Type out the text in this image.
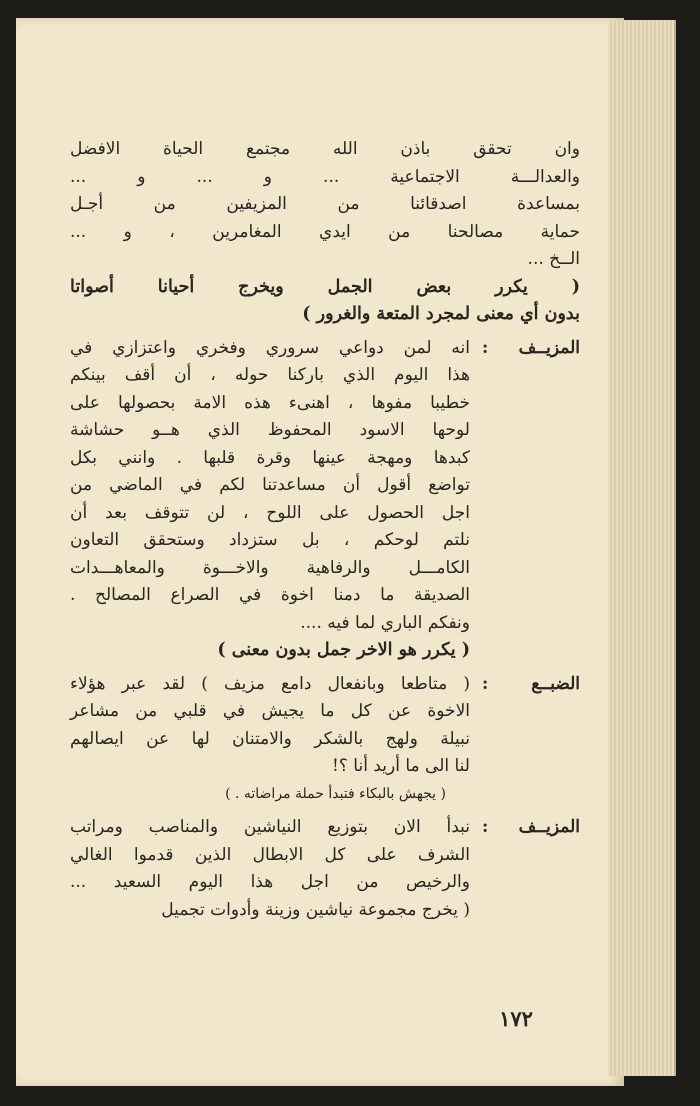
وان تحقق باذن الله مجتمع الحياة الافضل
والعدالـــة الاجتماعية ... و ... و ...
بمساعدة اصدقائنا من المزيفين من أجـل
حماية مصالحنا من ايدي المغامرين ، و ...
الــخ ...
( يكرر بعض الجمل ويخرج أحيانا أصواتا
بدون أي معنى لمجرد المتعة والغرور )
المزيــف
:
انه لمن دواعي سروري وفخري واعتزازي في
هذا اليوم الذي باركنا حوله ، أن أقف بينكم
خطيبا مفوها ، اهنىء هذه الامة بحصولها على
لوحها الاسود المحفوظ الذي هــو حشاشة
كبدها ومهجة عينها وقرة قلبها . وانني بكل
تواضع أقول أن مساعدتنا لكم في الماضي من
اجل الحصول على اللوح ، لن تتوقف بعد أن
نلتم لوحكم ، بل ستزداد وستحقق التعاون
الكامـــل والرفاهية والاخـــوة والمعاهـــدات
الصديقة ما دمنا اخوة في الصراع المصالح .
ونفكم الباري لما فيه ....
( يكرر هو الاخر جمل بدون معنى )
الضبــع
:
( متاطعا وبانفعال دامع مزيف ) لقد عبر هؤلاء
الاخوة عن كل ما يجيش في قلبي من مشاعر
نبيلة ولهج بالشكر والامتنان لها عن ايصالهم
لنا الى ما أريد أنا ؟!
( يجهش بالبكاء فتبدأ حملة مراضاته . )
المزيــف
:
نبدأ الان بتوزيع النياشين والمناصب ومراتب
الشرف على كل الابطال الذين قدموا الغالي
والرخيص من اجل هذا اليوم السعيد ...
( يخرج مجموعة نياشين وزينة وأدوات تجميل
١٧٢
